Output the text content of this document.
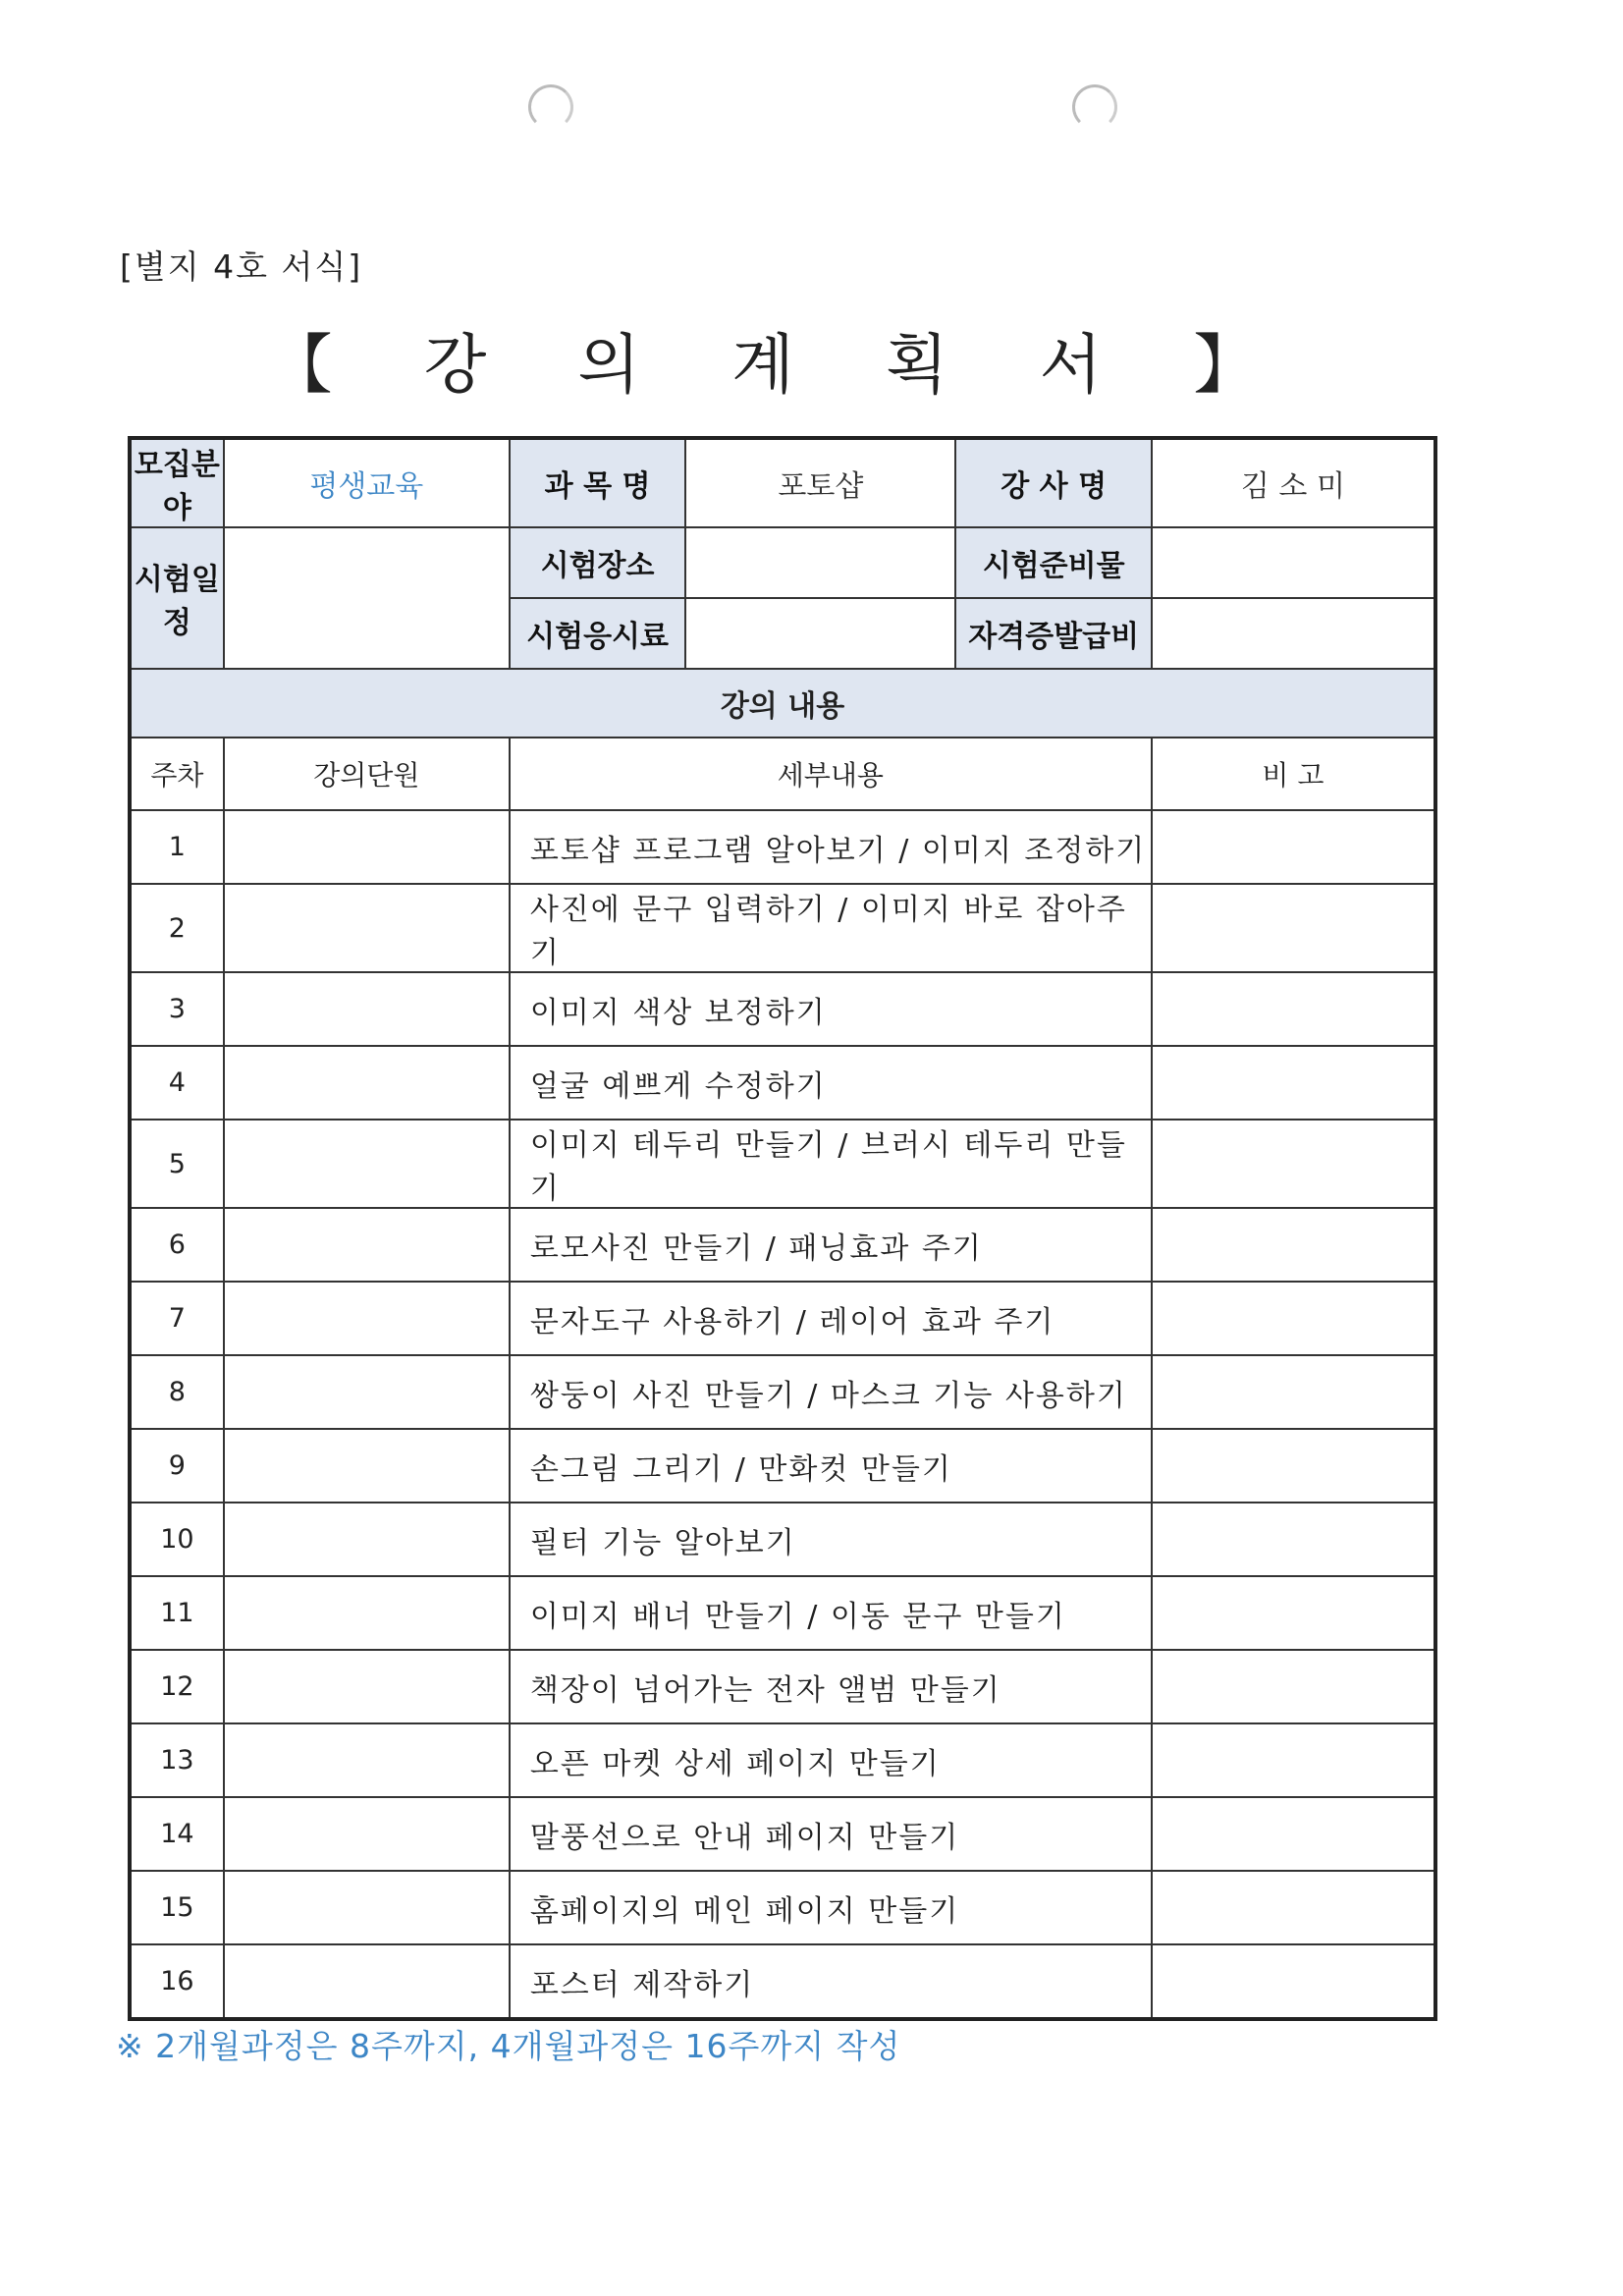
[별지 4호 서식]
【 강 의 계 획 서 】
모집분야	평생교육	과 목 명	포토샵	강 사 명	김 소 미
시험일정		시험장소		시험준비물	
		시험응시료		자격증발급비	
강의 내용					
주차	강의단원	세부내용			비 고
1		포토샵 프로그램 알아보기 / 이미지 조정하기			
2		사진에 문구 입력하기 / 이미지 바로 잡아주기			
3		이미지 색상 보정하기			
4		얼굴 예쁘게 수정하기			
5		이미지 테두리 만들기 / 브러시 테두리 만들기			
6		로모사진 만들기 / 패닝효과 주기			
7		문자도구 사용하기 / 레이어 효과 주기			
8		쌍둥이 사진 만들기 / 마스크 기능 사용하기			
9		손그림 그리기 / 만화컷 만들기			
10		필터 기능 알아보기			
11		이미지 배너 만들기 / 이동 문구 만들기			
12		책장이 넘어가는 전자 앨범 만들기			
13		오픈 마켓 상세 페이지 만들기			
14		말풍선으로 안내 페이지 만들기			
15		홈페이지의 메인 페이지 만들기			
16		포스터 제작하기			
※ 2개월과정은 8주까지, 4개월과정은 16주까지 작성
